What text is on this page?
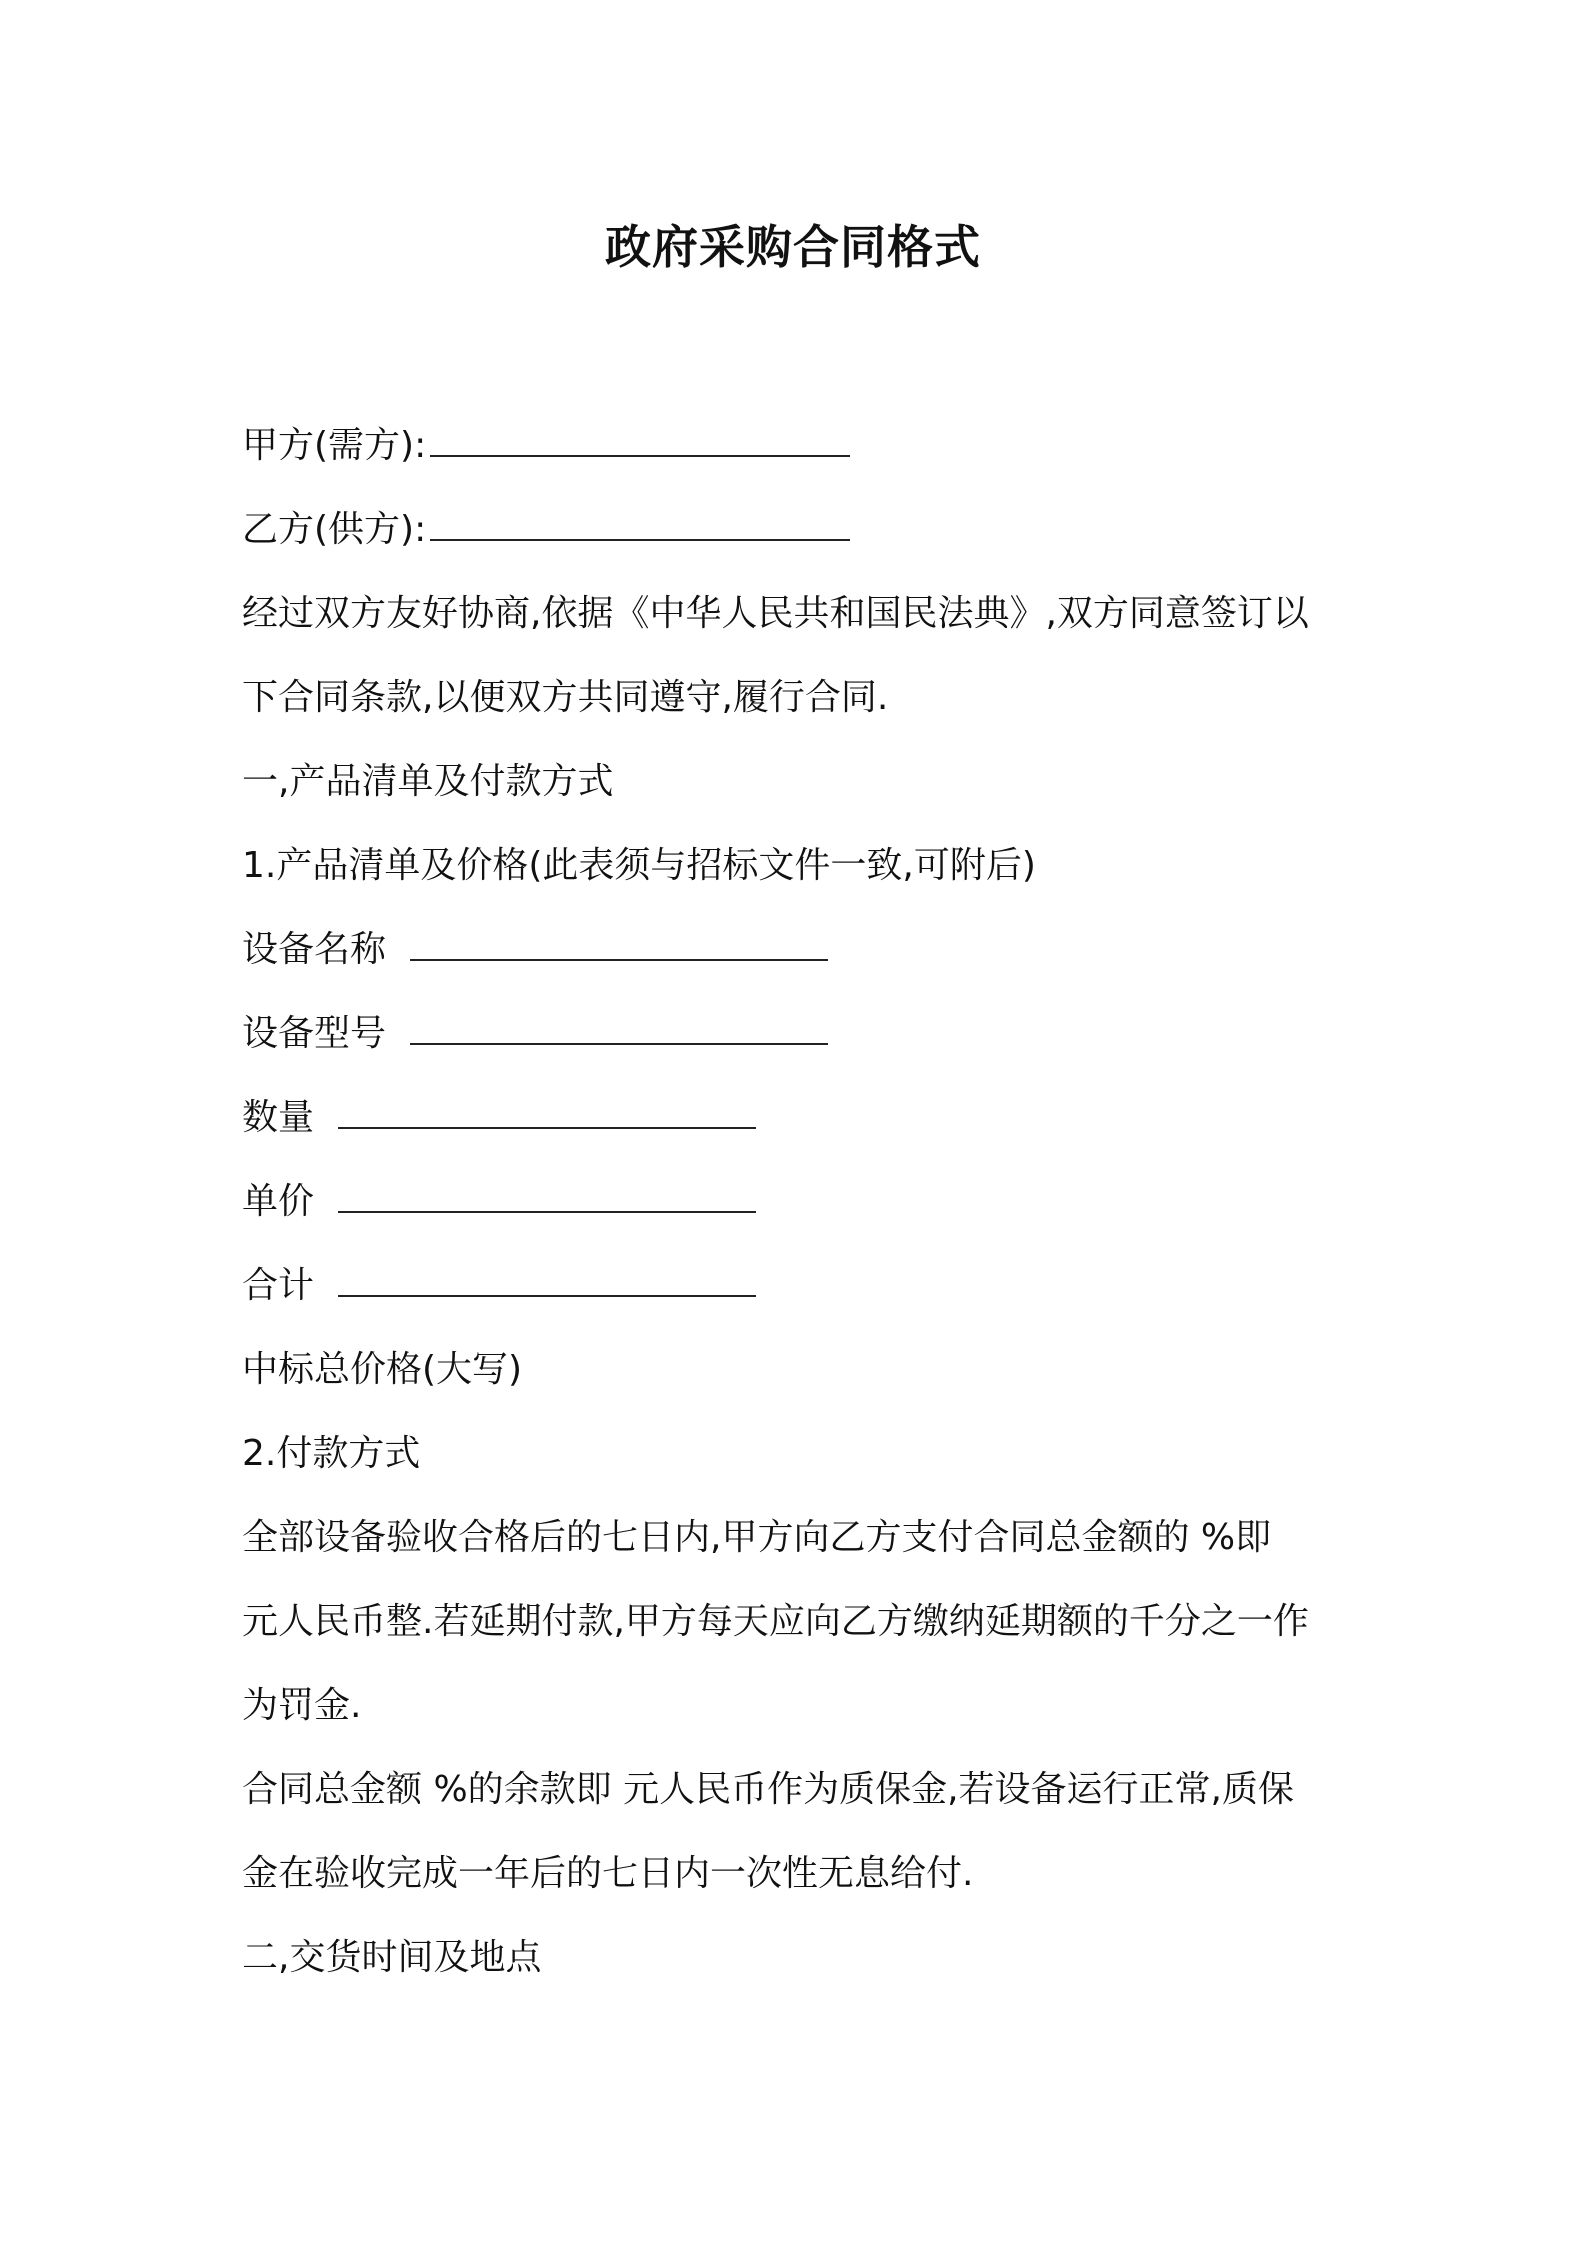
政府采购合同格式
甲方(需方):
乙方(供方):
经过双方友好协商,依据《中华人民共和国民法典》,双方同意签订以
下合同条款,以便双方共同遵守,履行合同.
一,产品清单及付款方式
1.产品清单及价格(此表须与招标文件一致,可附后)
设备名称
设备型号
数量
单价
合计
中标总价格(大写)
2.付款方式
全部设备验收合格后的七日内,甲方向乙方支付合同总金额的 %即
元人民币整.若延期付款,甲方每天应向乙方缴纳延期额的千分之一作
为罚金.
合同总金额 %的余款即 元人民币作为质保金,若设备运行正常,质保
金在验收完成一年后的七日内一次性无息给付.
二,交货时间及地点
